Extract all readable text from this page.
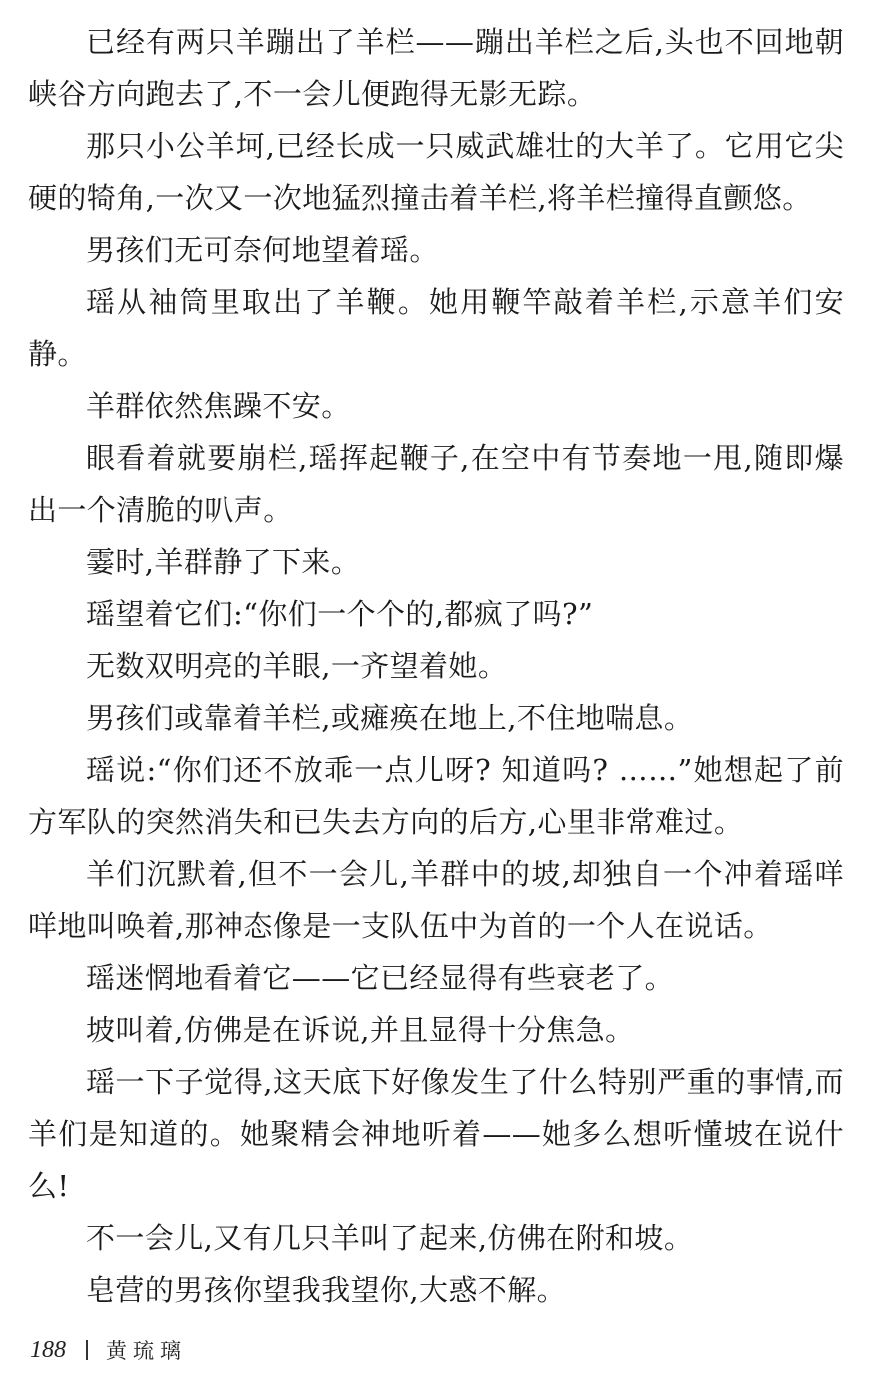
已经有两只羊蹦出了羊栏——蹦出羊栏之后,头也不回地朝峡谷方向跑去了,不一会儿便跑得无影无踪。

那只小公羊坷,已经长成一只威武雄壮的大羊了。它用它尖硬的犄角,一次又一次地猛烈撞击着羊栏,将羊栏撞得直颤悠。

男孩们无可奈何地望着瑶。

瑶从袖筒里取出了羊鞭。她用鞭竿敲着羊栏,示意羊们安静。

羊群依然焦躁不安。

眼看着就要崩栏,瑶挥起鞭子,在空中有节奏地一甩,随即爆出一个清脆的叭声。

霎时,羊群静了下来。

瑶望着它们:“你们一个个的,都疯了吗?”

无数双明亮的羊眼,一齐望着她。

男孩们或靠着羊栏,或瘫痪在地上,不住地喘息。

瑶说:“你们还不放乖一点儿呀? 知道吗? ……”她想起了前方军队的突然消失和已失去方向的后方,心里非常难过。

羊们沉默着,但不一会儿,羊群中的坡,却独自一个冲着瑶咩咩地叫唤着,那神态像是一支队伍中为首的一个人在说话。

瑶迷惘地看着它——它已经显得有些衰老了。

坡叫着,仿佛是在诉说,并且显得十分焦急。

瑶一下子觉得,这天底下好像发生了什么特别严重的事情,而羊们是知道的。她聚精会神地听着——她多么想听懂坡在说什么!

不一会儿,又有几只羊叫了起来,仿佛在附和坡。

皂营的男孩你望我我望你,大惑不解。

188 黄琉璃
